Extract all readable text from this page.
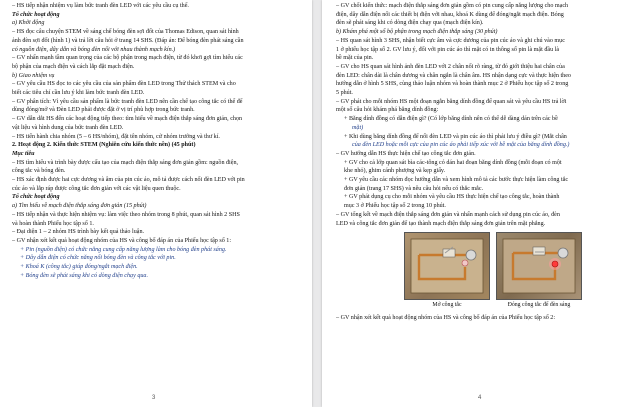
– HS tiếp nhận nhiệm vụ làm bức tranh đèn LED với các yêu cầu cụ thể.

Tổ chức hoạt động

a) Khởi động

– HS đọc câu chuyện STEM về sáng chế bóng đèn sợi đốt của Thomas Edison, quan sát hình

ảnh đèn sợi đốt (hình 1) và trả lời câu hỏi ở trang 14 SHS. (Đáp án: Để bóng đèn phát sáng cần

có nguồn điện, dây dẫn và bóng đèn nối với nhau thành mạch kín.)

– GV nhấn mạnh tầm quan trọng của các bộ phận trong mạch điện, từ đó khơi gợi tìm hiểu các

bộ phận của mạch điện và cách lắp đặt mạch điện.

b) Giao nhiệm vụ

– GV yêu cầu HS đọc to các yêu cầu của sản phẩm đèn LED trong Thử thách STEM và cho

biết các tiêu chí cần lưu ý khi làm bức tranh đèn LED.

– GV phân tích: Vì yêu cầu sản phẩm là bức tranh đèn LED nên cần chế tạo công tắc có thể để

dùng đóng/mở và Đèn LED phải được đặt ở vị trí phù hợp trong bức tranh.

– GV dẫn dắt HS đến các hoạt động tiếp theo: tìm hiểu về mạch điện thắp sáng đơn giản, chọn

vật liệu và hình dung của bức tranh đèn LED.

– HS tiến hành chia nhóm (5 – 6 HS/nhóm), đặt tên nhóm, cử nhóm trưởng và thư kí.

2. Hoạt động 2. Kiến thức STEM (Nghiên cứu kiến thức nền) (45 phút)

Mục tiêu

– HS tìm hiểu và trình bày được cấu tạo của mạch điện thắp sáng đơn giản gồm: nguồn điện,

công tắc và bóng đèn.

– HS xác định được hai cực dương và âm của pin cúc áo, mô tả được cách nối đèn LED với pin

cúc áo và lắp ráp được công tắc đơn giản với các vật liệu quen thuộc.

Tổ chức hoạt động

a) Tìm hiểu về mạch điện thắp sáng đơn giản (15 phút)

– HS tiếp nhận và thực hiện nhiệm vụ: làm việc theo nhóm trong 8 phút, quan sát hình 2 SHS

và hoàn thành Phiếu học tập số 1.

– Đại diện 1 – 2 nhóm HS trình bày kết quả thảo luận.

– GV nhận xét kết quả hoạt động nhóm của HS và công bố đáp án của Phiếu học tập số 1:

+ Pin (nguồn điện) có chức năng cung cấp năng lượng làm cho bóng đèn phát sáng.

+ Dây dẫn điện có chức năng nối bóng đèn và công tắc với pin.

+ Khoá K (công tắc) giúp đóng/ngắt mạch điện.

+ Bóng đèn sẽ phát sáng khi có dòng điện chạy qua.

3

– GV chốt kiến thức: mạch điện thắp sáng đơn giản gồm có pin cung cấp năng lượng cho mạch

điện, dây dẫn điện nối các thiết bị điện với nhau, khoá K dùng để đóng/ngắt mạch điện. Bóng

đèn sẽ phát sáng khi có dòng điện chạy qua (mạch điện kín).

b) Khám phá một số bộ phận trong mạch điện thắp sáng (30 phút)

– HS quan sát hình 3 SHS, nhận biết cực âm và cực dương của pin cúc áo và ghi chú vào mục

1 ở phiếu học tập số 2. GV lưu ý, đối với pin cúc áo thì mặt có in thông số pin là mặt đầu là

bề mặt của pin.

– GV cho HS quan sát hình ảnh đèn LED với 2 chân nối rõ ràng, từ đó giới thiệu hai chân của

đèn LED: chân dài là chân dương và chân ngắn là chân âm. HS nhận dạng cực và thực hiện theo

hướng dẫn ở hình 5 SHS, cùng thảo luận nhóm và hoàn thành mục 2 ở Phiếu học tập số 2 trong

5 phút.

– GV phát cho mỗi nhóm HS một đoạn ngắn băng dính đồng để quan sát và yêu cầu HS trả lời

một số câu hỏi khám phá băng dính đồng:

+ Băng dính đồng có dẫn điện gì? (Có lớp băng dính nên có thể dễ dàng dán trên các bề

mặt)

+ Khi dùng băng dính đồng để nối đèn LED và pin cúc áo thì phải lưu ý điều gì? (Mắt chân

của đèn LED hoặc mỗi cực của pin cúc áo phải tiếp xúc với bề mặt của băng dính đồng.)

– GV hướng dẫn HS thực hiện chế tạo công tắc đơn giản.

+ GV cho cả lớp quan sát bìa các-tông có dán hai đoạn băng dính đồng (mỗi đoạn có một

khe nhỏ), ghim cánh phượng và kẹp giấy.

+ GV yêu cầu các nhóm đọc hướng dẫn và xem hình mô tả các bước thực hiện làm công tắc

đơn giản (trang 17 SHS) và nêu câu hỏi nếu có thắc mắc.

+ GV phát dụng cụ cho mỗi nhóm và yêu cầu HS thực hiện chế tạo công tắc, hoàn thành

mục 3 ở Phiếu học tập số 2 trong 10 phút.

– GV tổng kết về mạch điện thắp sáng đơn giản và nhấn mạnh cách sử dụng pin cúc áo, đèn

LED và công tắc đơn giản để tạo thành mạch điện thắp sáng đơn giản trên mặt phẳng.

Mở công tắc	Đóng công tắc để đèn sáng

– GV nhận xét kết quả hoạt động nhóm của HS và công bố đáp án của Phiếu học tập số 2:

4
